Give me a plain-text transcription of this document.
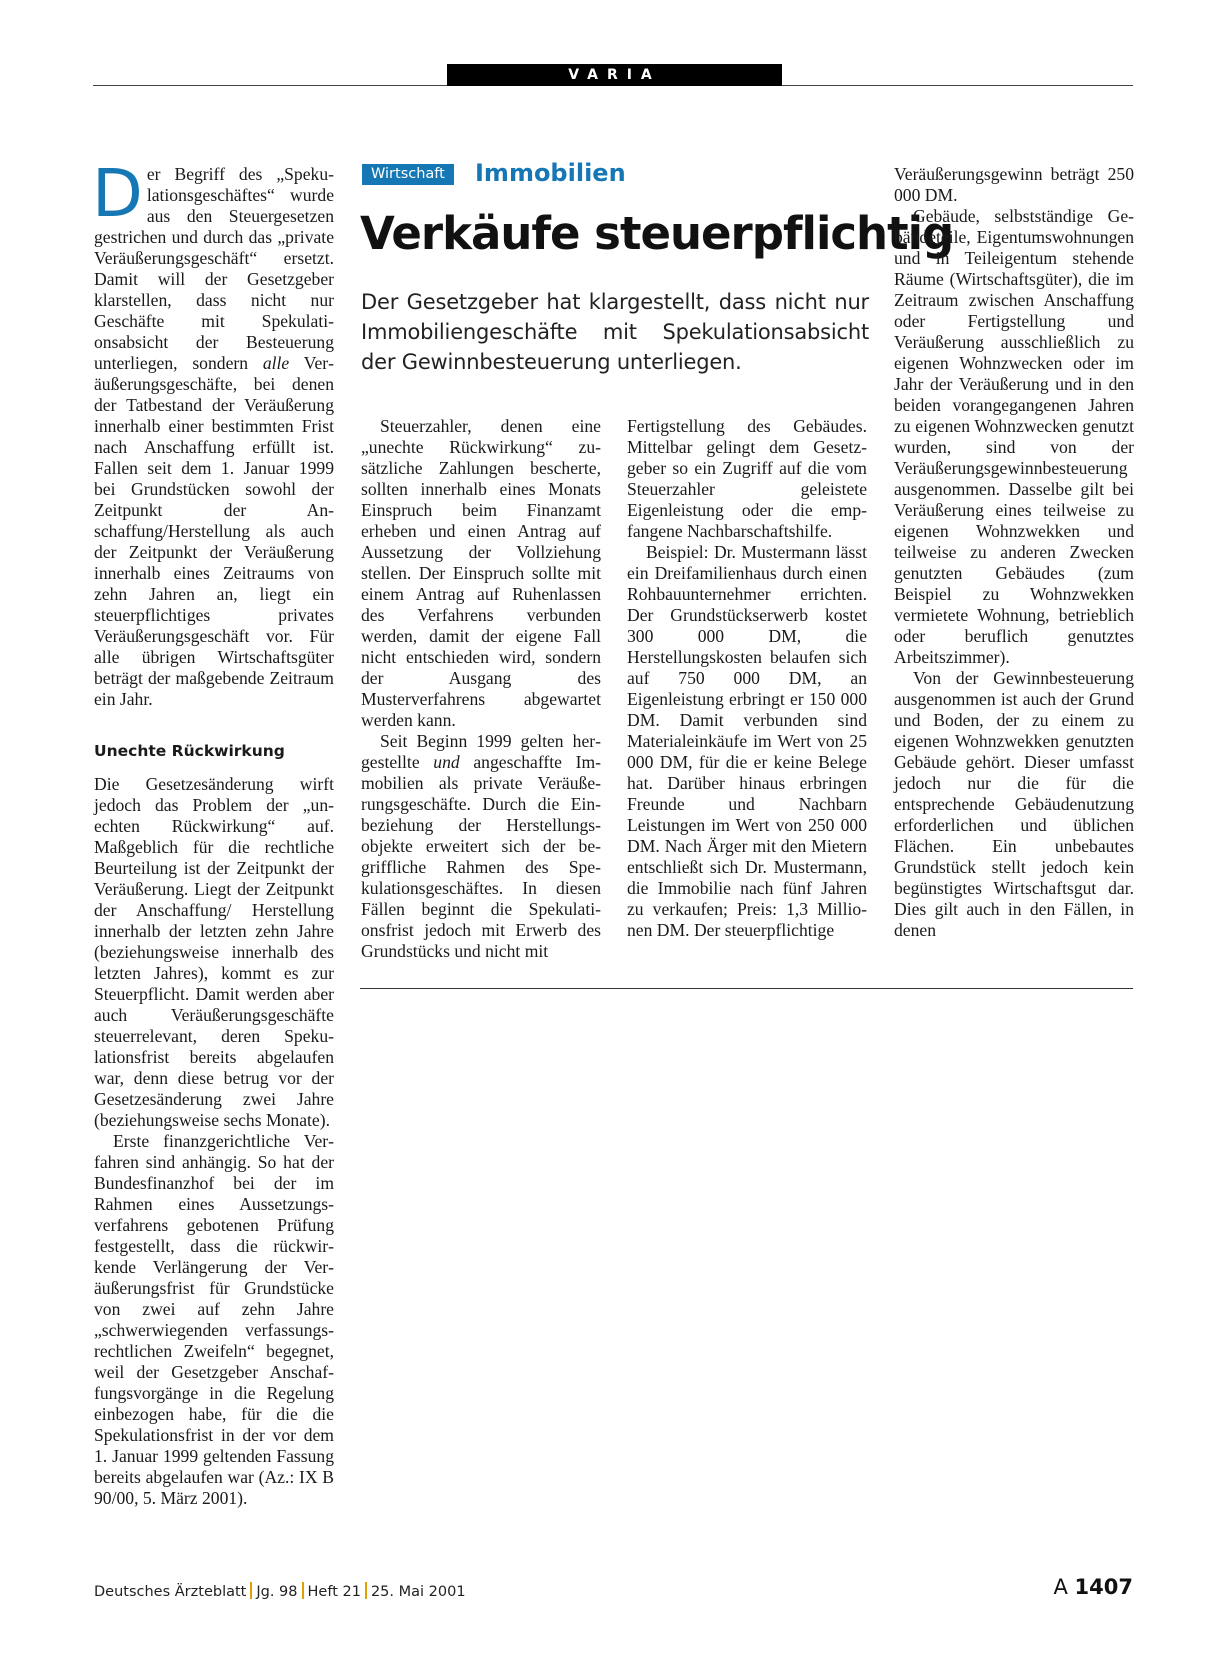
VARIA

Der Begriff des „Spekulationsgeschäftes“ wurde aus den Steuergesetzen gestrichen und durch das „private Veräußerungsgeschäft“ ersetzt. Damit will der Gesetzgeber klarstellen, dass nicht nur Geschäfte mit Spekulationsabsicht der Besteuerung unterliegen, sondern alle Veräußerungsgeschäfte, bei denen der Tatbestand der Veräußerung innerhalb einer bestimmten Frist nach Anschaffung erfüllt ist. Fallen seit dem 1. Januar 1999 bei Grundstücken sowohl der Zeitpunkt der Anschaffung/Herstellung als auch der Zeitpunkt der Veräußerung innerhalb eines Zeitraums von zehn Jahren an, liegt ein steuerpflichtiges privates Veräußerungsgeschäft vor. Für alle übrigen Wirtschaftsgüter beträgt der maßgebende Zeitraum ein Jahr.

Unechte Rückwirkung

Die Gesetzesänderung wirft jedoch das Problem der „unechten Rückwirkung“ auf. Maßgeblich für die rechtliche Beurteilung ist der Zeitpunkt der Veräußerung. Liegt der Zeitpunkt der Anschaffung/ Herstellung innerhalb der letzten zehn Jahre (beziehungsweise innerhalb des letzten Jahres), kommt es zur Steuerpflicht. Damit werden aber auch Veräußerungsgeschäfte steuerrelevant, deren Spekulationsfrist bereits abgelaufen war, denn diese betrug vor der Gesetzesänderung zwei Jahre (beziehungsweise sechs Monate).

Erste finanzgerichtliche Verfahren sind anhängig. So hat der Bundesfinanzhof bei der im Rahmen eines Aussetzungsverfahrens gebotenen Prüfung festgestellt, dass die rückwirkende Verlängerung der Veräußerungsfrist für Grundstücke von zwei auf zehn Jahre „schwerwiegenden verfassungsrechtlichen Zweifeln“ begegnet, weil der Gesetzgeber Anschaffungsvorgänge in die Regelung einbezogen habe, für die die Spekulationsfrist in der vor dem 1. Januar 1999 geltenden Fassung bereits abgelaufen war (Az.: IX B 90/00, 5. März 2001).

Wirtschaft	Immobilien
Verkäufe steuerpflichtig
Der Gesetzgeber hat klargestellt, dass nicht nur Immobiliengeschäfte mit Spekulationsabsicht der Gewinnbesteuerung unterliegen.

Steuerzahler, denen eine „unechte Rückwirkung“ zusätzliche Zahlungen bescherte, sollten innerhalb eines Monats Einspruch beim Finanzamt erheben und einen Antrag auf Aussetzung der Vollziehung stellen. Der Einspruch sollte mit einem Antrag auf Ruhenlassen des Verfahrens verbunden werden, damit der eigene Fall nicht entschieden wird, sondern der Ausgang des Musterverfahrens abgewartet werden kann.

Seit Beginn 1999 gelten hergestellte und angeschaffte Immobilien als private Veräußerungsgeschäfte. Durch die Einbeziehung der Herstellungsobjekte erweitert sich der begriffliche Rahmen des Spekulationsgeschäftes. In diesen Fällen beginnt die Spekulationsfrist jedoch mit Erwerb des Grundstücks und nicht mit

Fertigstellung des Gebäudes. Mittelbar gelingt dem Gesetzgeber so ein Zugriff auf die vom Steuerzahler geleistete Eigenleistung oder die empfangene Nachbarschaftshilfe.

Beispiel: Dr. Mustermann lässt ein Dreifamilienhaus durch einen Rohbauunternehmer errichten. Der Grundstückserwerb kostet 300 000 DM, die Herstellungskosten belaufen sich auf 750 000 DM, an Eigenleistung erbringt er 150 000 DM. Damit verbunden sind Materialeinkäufe im Wert von 25 000 DM, für die er keine Belege hat. Darüber hinaus erbringen Freunde und Nachbarn Leistungen im Wert von 250 000 DM. Nach Ärger mit den Mietern entschließt sich Dr. Mustermann, die Immobilie nach fünf Jahren zu verkaufen; Preis: 1,3 Millionen DM. Der steuerpflichtige

Veräußerungsgewinn beträgt 250 000 DM.

Gebäude, selbstständige Gebäudeteile, Eigentumswohnungen und in Teileigentum stehende Räume (Wirtschaftsgüter), die im Zeitraum zwischen Anschaffung oder Fertigstellung und Veräußerung ausschließlich zu eigenen Wohnzwecken oder im Jahr der Veräußerung und in den beiden vorangegangenen Jahren zu eigenen Wohnzwecken genutzt wurden, sind von der Veräußerungsgewinnbesteuerung ausgenommen. Dasselbe gilt bei Veräußerung eines teilweise zu eigenen Wohnzwekken und teilweise zu anderen Zwecken genutzten Gebäudes (zum Beispiel zu Wohnzwekken vermietete Wohnung, betrieblich oder beruflich genutztes Arbeitszimmer).

Von der Gewinnbesteuerung ausgenommen ist auch der Grund und Boden, der zu einem zu eigenen Wohnzwekken genutzten Gebäude gehört. Dieser umfasst jedoch nur die für die entsprechende Gebäudenutzung erforderlichen und üblichen Flächen. Ein unbebautes Grundstück stellt jedoch kein begünstigtes Wirtschaftsgut dar. Dies gilt auch in den Fällen, in denen

Deutsches Ärzteblatt Jg. 98 Heft 21 25. Mai 2001	A 1407
